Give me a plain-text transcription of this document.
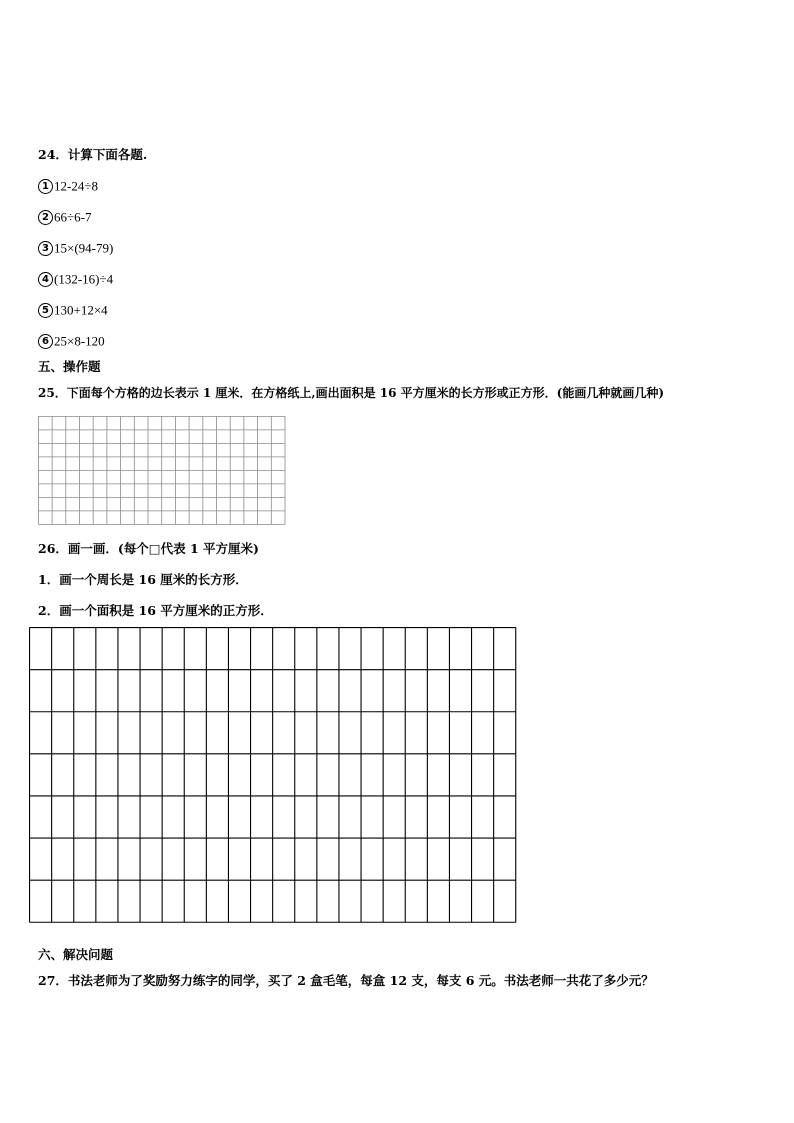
24．计算下面各题.
1 12-24÷8
2 66÷6-7
3 15×(94-79)
4 (132-16)÷4
5 130+12×4
6 25×8-120
五、操作题
25．下面每个方格的边长表示 1 厘米．在方格纸上,画出面积是 16 平方厘米的长方形或正方形．(能画几种就画几种)
26．画一画．(每个□代表 1 平方厘米)
1．画一个周长是 16 厘米的长方形．
2．画一个面积是 16 平方厘米的正方形．
六、解决问题
27．书法老师为了奖励努力练字的同学，买了 2 盒毛笔，每盒 12 支，每支 6 元。书法老师一共花了多少元？
